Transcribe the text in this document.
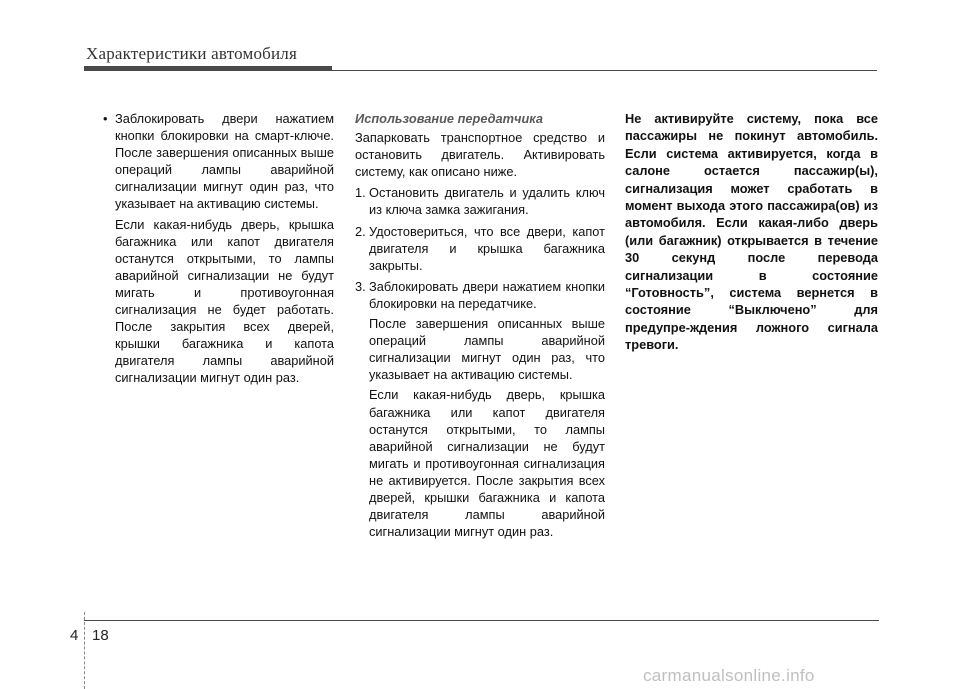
Характеристики автомобиля
• Заблокировать двери нажатием кнопки блокировки на смарт-ключе. После завершения описанных выше операций лампы аварийной сигнализации мигнут один раз, что указывает на активацию системы.

Если какая-нибудь дверь, крышка багажника или капот двигателя останутся открытыми, то лампы аварийной сигнализации не будут мигать и противоугонная сигнализация не будет работать. После закрытия всех дверей, крышки багажника и капота двигателя лампы аварийной сигнализации мигнут один раз.

Использование передатчика

Запарковать транспортное средство и остановить двигатель. Активировать систему, как описано ниже.

1. Остановить двигатель и удалить ключ из ключа замка зажигания.
2. Удостовериться, что все двери, капот двигателя и крышка багажника закрыты.
3. Заблокировать двери нажатием кнопки блокировки на передатчике.

После завершения описанных выше операций лампы аварийной сигнализации мигнут один раз, что указывает на активацию системы.

Если какая-нибудь дверь, крышка багажника или капот двигателя останутся открытыми, то лампы аварийной сигнализации не будут мигать и противоугонная сигнализация не активируется. После закрытия всех дверей, крышки багажника и капота двигателя лампы аварийной сигнализации мигнут один раз.

Не активируйте систему, пока все пассажиры не покинут автомобиль. Если система активируется, когда в салоне остается пассажир(ы), сигнализация может сработать в момент выхода этого пассажира(ов) из автомобиля. Если какая-либо дверь (или багажник) открывается в течение 30 секунд после перевода сигнализации в состояние “Готовность”, система вернется в состояние “Выключено” для предупре-ждения ложного сигнала тревоги.

4 18
carmanualsonline.info
